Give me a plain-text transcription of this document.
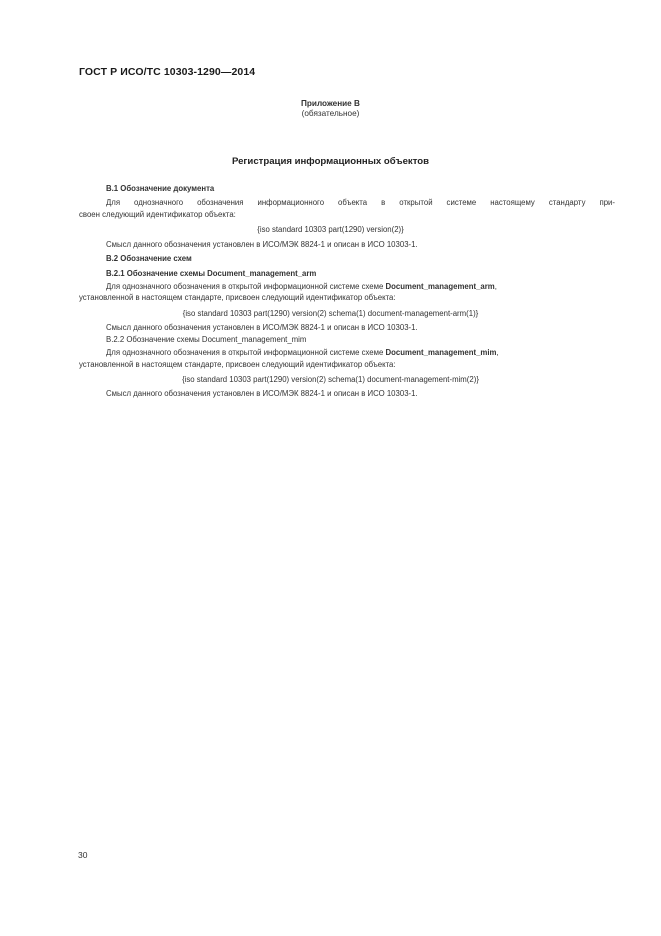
ГОСТ Р ИСО/ТС 10303-1290—2014
Приложение B
(обязательное)
Регистрация информационных объектов
B.1 Обозначение документа
Для однозначного обозначения информационного объекта в открытой системе настоящему стандарту при-
своен следующий идентификатор объекта:
{iso standard 10303 part(1290) version(2)}
Смысл данного обозначения установлен в ИСО/МЭК 8824-1 и описан в ИСО 10303-1.
B.2 Обозначение схем
B.2.1 Обозначение схемы Document_management_arm
Для однозначного обозначения в открытой информационной системе схеме Document_management_arm,
установленной в настоящем стандарте, присвоен следующий идентификатор объекта:
{iso standard 10303 part(1290) version(2) schema(1) document-management-arm(1)}
Смысл данного обозначения установлен в ИСО/МЭК 8824-1 и описан в ИСО 10303-1.
B.2.2 Обозначение схемы Document_management_mim
Для однозначного обозначения в открытой информационной системе схеме Document_management_mim,
установленной в настоящем стандарте, присвоен следующий идентификатор объекта:
{iso standard 10303 part(1290) version(2) schema(1) document-management-mim(2)}
Смысл данного обозначения установлен в ИСО/МЭК 8824-1 и описан в ИСО 10303-1.
30
